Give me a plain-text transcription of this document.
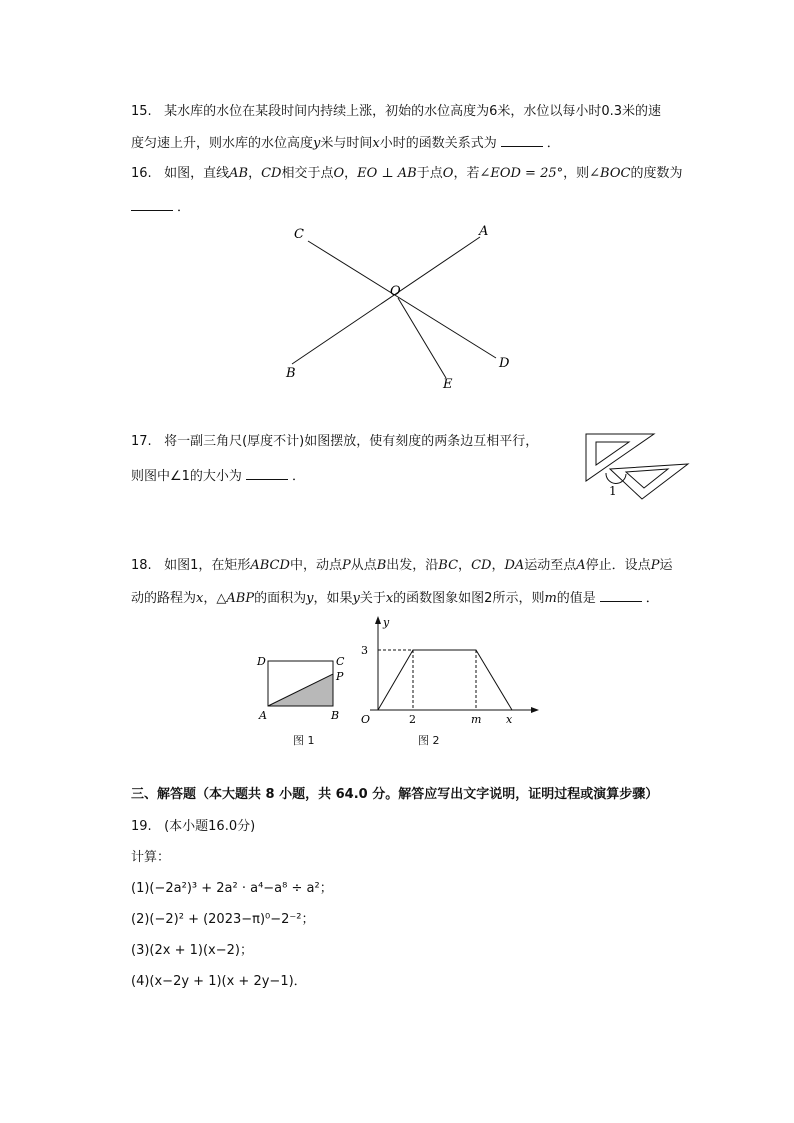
15. 某水库的水位在某段时间内持续上涨，初始的水位高度为6米，水位以每小时0.3米的速
度匀速上升，则水库的水位高度y米与时间x小时的函数关系式为	．
16. 如图，直线AB，CD相交于点O，EO ⊥ AB于点O，若∠EOD = 25°，则∠BOC的度数为
．
C	A
O
B
D
E
17. 将一副三角尺(厚度不计)如图摆放，使有刻度的两条边互相平行，
则图中∠1的大小为	．
1
18. 如图1，在矩形ABCD中，动点P从点B出发，沿BC，CD，DA运动至点A停止．设点P运
动的路程为x，△ABP的面积为y，如果y关于x的函数图象如图2所示，则m的值是	．
D	C
P
A	B
图 1
y
3
O	2	m x
图 2
三、解答题（本大题共 8 小题，共 64.0 分。解答应写出文字说明，证明过程或演算步骤）
19. (本小题16.0分)
计算：
(1)(−2a²)³ + 2a² · a⁴−a⁸ ÷ a²；
(2)(−2)² + (2023−π)⁰−2⁻²；
(3)(2x + 1)(x−2)；
(4)(x−2y + 1)(x + 2y−1)．
